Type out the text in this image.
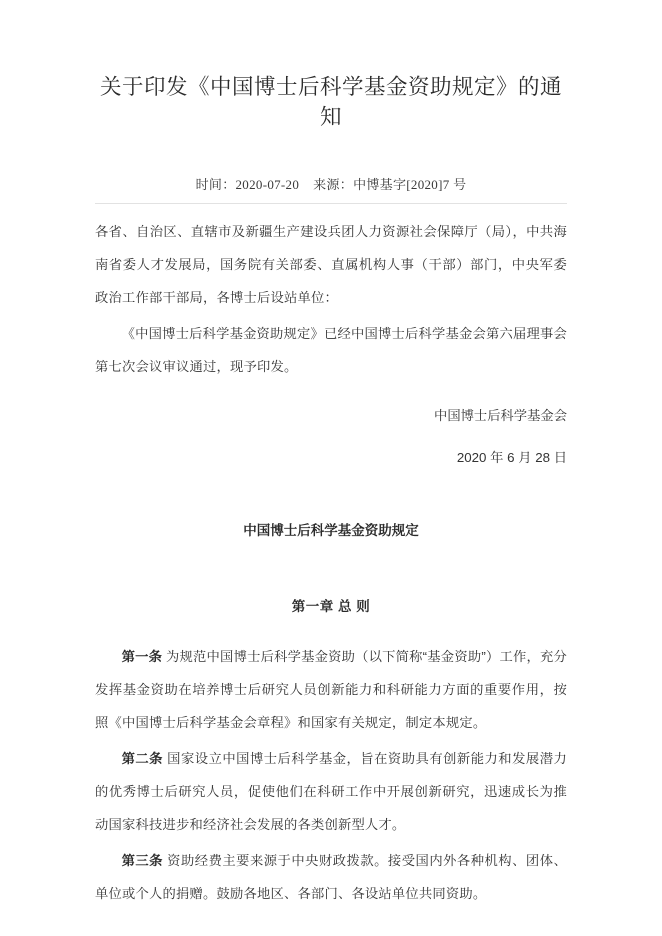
关于印发《中国博士后科学基金资助规定》的通知
时间：2020-07-20 来源：中博基字[2020]7 号

各省、自治区、直辖市及新疆生产建设兵团人力资源社会保障厅（局），中共海南省委人才发展局，国务院有关部委、直属机构人事（干部）部门，中央军委政治工作部干部局，各博士后设站单位：

《中国博士后科学基金资助规定》已经中国博士后科学基金会第六届理事会第七次会议审议通过，现予印发。

中国博士后科学基金会

2020 年 6 月 28 日

中国博士后科学基金资助规定
第一章 总 则

第一条 为规范中国博士后科学基金资助（以下简称“基金资助”）工作，充分发挥基金资助在培养博士后研究人员创新能力和科研能力方面的重要作用，按照《中国博士后科学基金会章程》和国家有关规定，制定本规定。

第二条 国家设立中国博士后科学基金，旨在资助具有创新能力和发展潜力的优秀博士后研究人员，促使他们在科研工作中开展创新研究，迅速成长为推动国家科技进步和经济社会发展的各类创新型人才。

第三条 资助经费主要来源于中央财政拨款。接受国内外各种机构、团体、单位或个人的捐赠。鼓励各地区、各部门、各设站单位共同资助。
